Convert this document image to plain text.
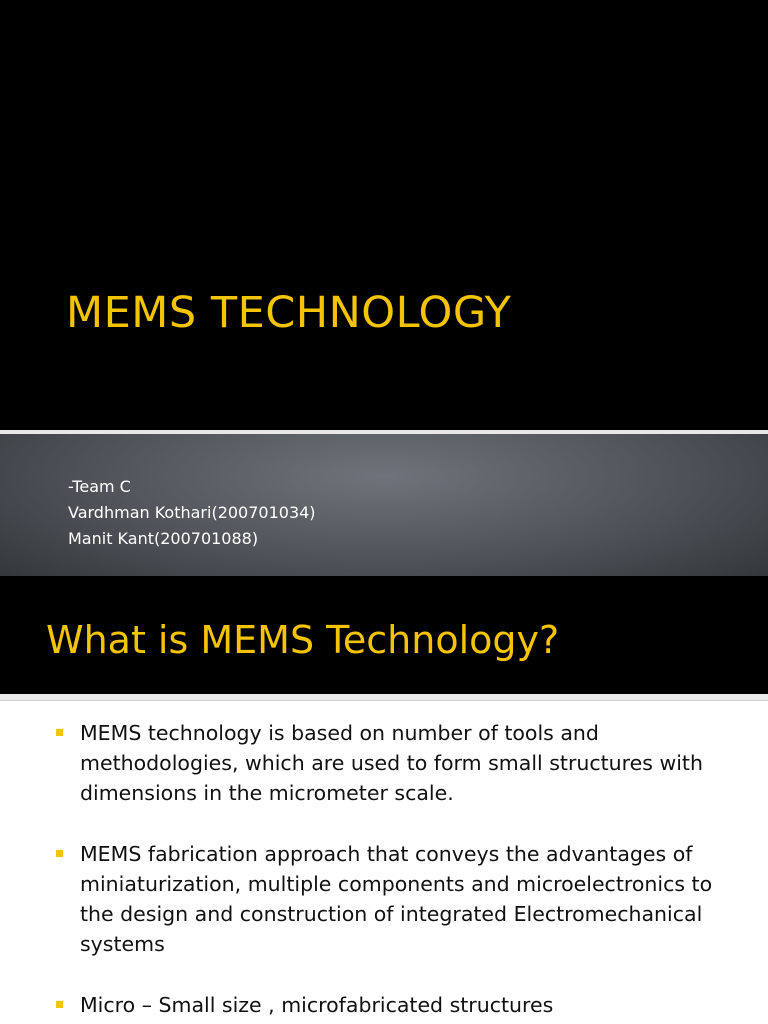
MEMS TECHNOLOGY
-Team C
Vardhman Kothari(200701034)
Manit Kant(200701088)
What is MEMS Technology?
MEMS technology is based on number of tools and methodologies, which are used to form small structures with dimensions in the micrometer scale.
MEMS fabrication approach that conveys the advantages of miniaturization, multiple components and microelectronics to the design and construction of integrated Electromechanical systems
Micro – Small size , microfabricated structures
